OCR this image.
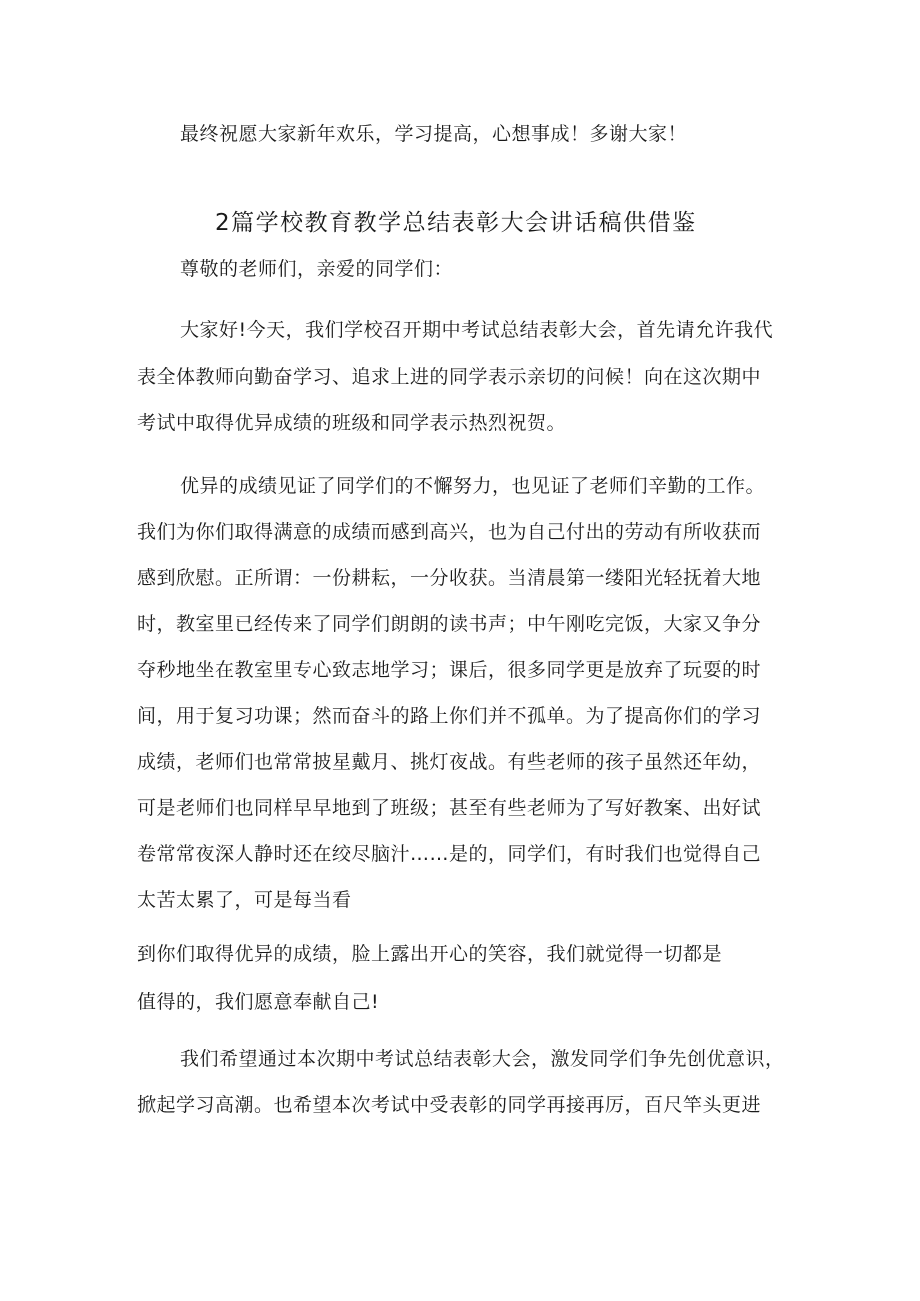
最终祝愿大家新年欢乐，学习提高，心想事成！多谢大家！
2篇学校教育教学总结表彰大会讲话稿供借鉴
尊敬的老师们，亲爱的同学们：
大家好!今天，我们学校召开期中考试总结表彰大会，首先请允许我代
表全体教师向勤奋学习、追求上进的同学表示亲切的问候！向在这次期中
考试中取得优异成绩的班级和同学表示热烈祝贺。
优异的成绩见证了同学们的不懈努力，也见证了老师们辛勤的工作。
我们为你们取得满意的成绩而感到高兴，也为自己付出的劳动有所收获而
感到欣慰。正所谓：一份耕耘，一分收获。当清晨第一缕阳光轻抚着大地
时，教室里已经传来了同学们朗朗的读书声；中午刚吃完饭，大家又争分
夺秒地坐在教室里专心致志地学习；课后，很多同学更是放弃了玩耍的时
间，用于复习功课；然而奋斗的路上你们并不孤单。为了提高你们的学习
成绩，老师们也常常披星戴月、挑灯夜战。有些老师的孩子虽然还年幼，
可是老师们也同样早早地到了班级；甚至有些老师为了写好教案、出好试
卷常常夜深人静时还在绞尽脑汁……是的，同学们，有时我们也觉得自己
太苦太累了，可是每当看
到你们取得优异的成绩，脸上露出开心的笑容，我们就觉得一切都是
值得的，我们愿意奉献自己!
我们希望通过本次期中考试总结表彰大会，激发同学们争先创优意识，
掀起学习高潮。也希望本次考试中受表彰的同学再接再厉，百尺竿头更进
